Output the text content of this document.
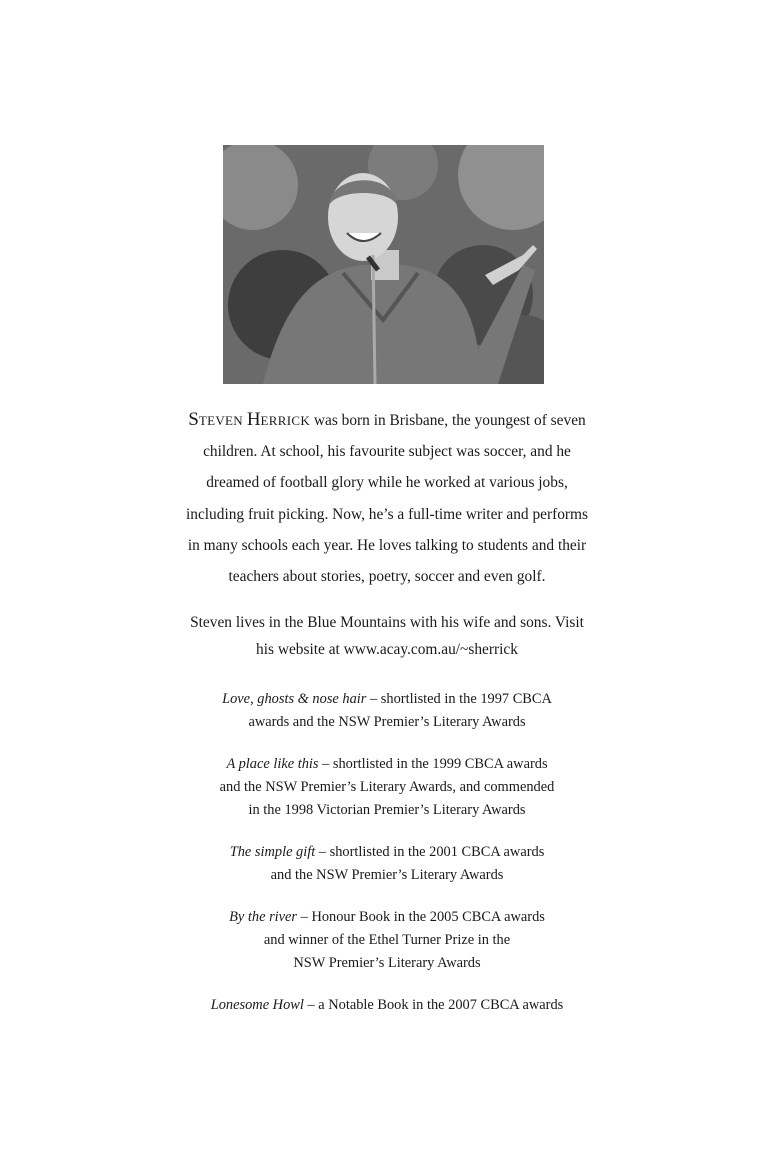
STEVEN HERRICK was born in Brisbane, the youngest of seven
children. At school, his favourite subject was soccer, and he
dreamed of football glory while he worked at various jobs,
including fruit picking. Now, he’s a full-time writer and performs
in many schools each year. He loves talking to students and their
teachers about stories, poetry, soccer and even golf.

Steven lives in the Blue Mountains with his wife and sons. Visit
his website at www.acay.com.au/~sherrick

Love, ghosts & nose hair – shortlisted in the 1997 CBCA
awards and the NSW Premier’s Literary Awards

A place like this – shortlisted in the 1999 CBCA awards
and the NSW Premier’s Literary Awards, and commended
in the 1998 Victorian Premier’s Literary Awards

The simple gift – shortlisted in the 2001 CBCA awards
and the NSW Premier’s Literary Awards

By the river – Honour Book in the 2005 CBCA awards
and winner of the Ethel Turner Prize in the
NSW Premier’s Literary Awards

Lonesome Howl – a Notable Book in the 2007 CBCA awards
